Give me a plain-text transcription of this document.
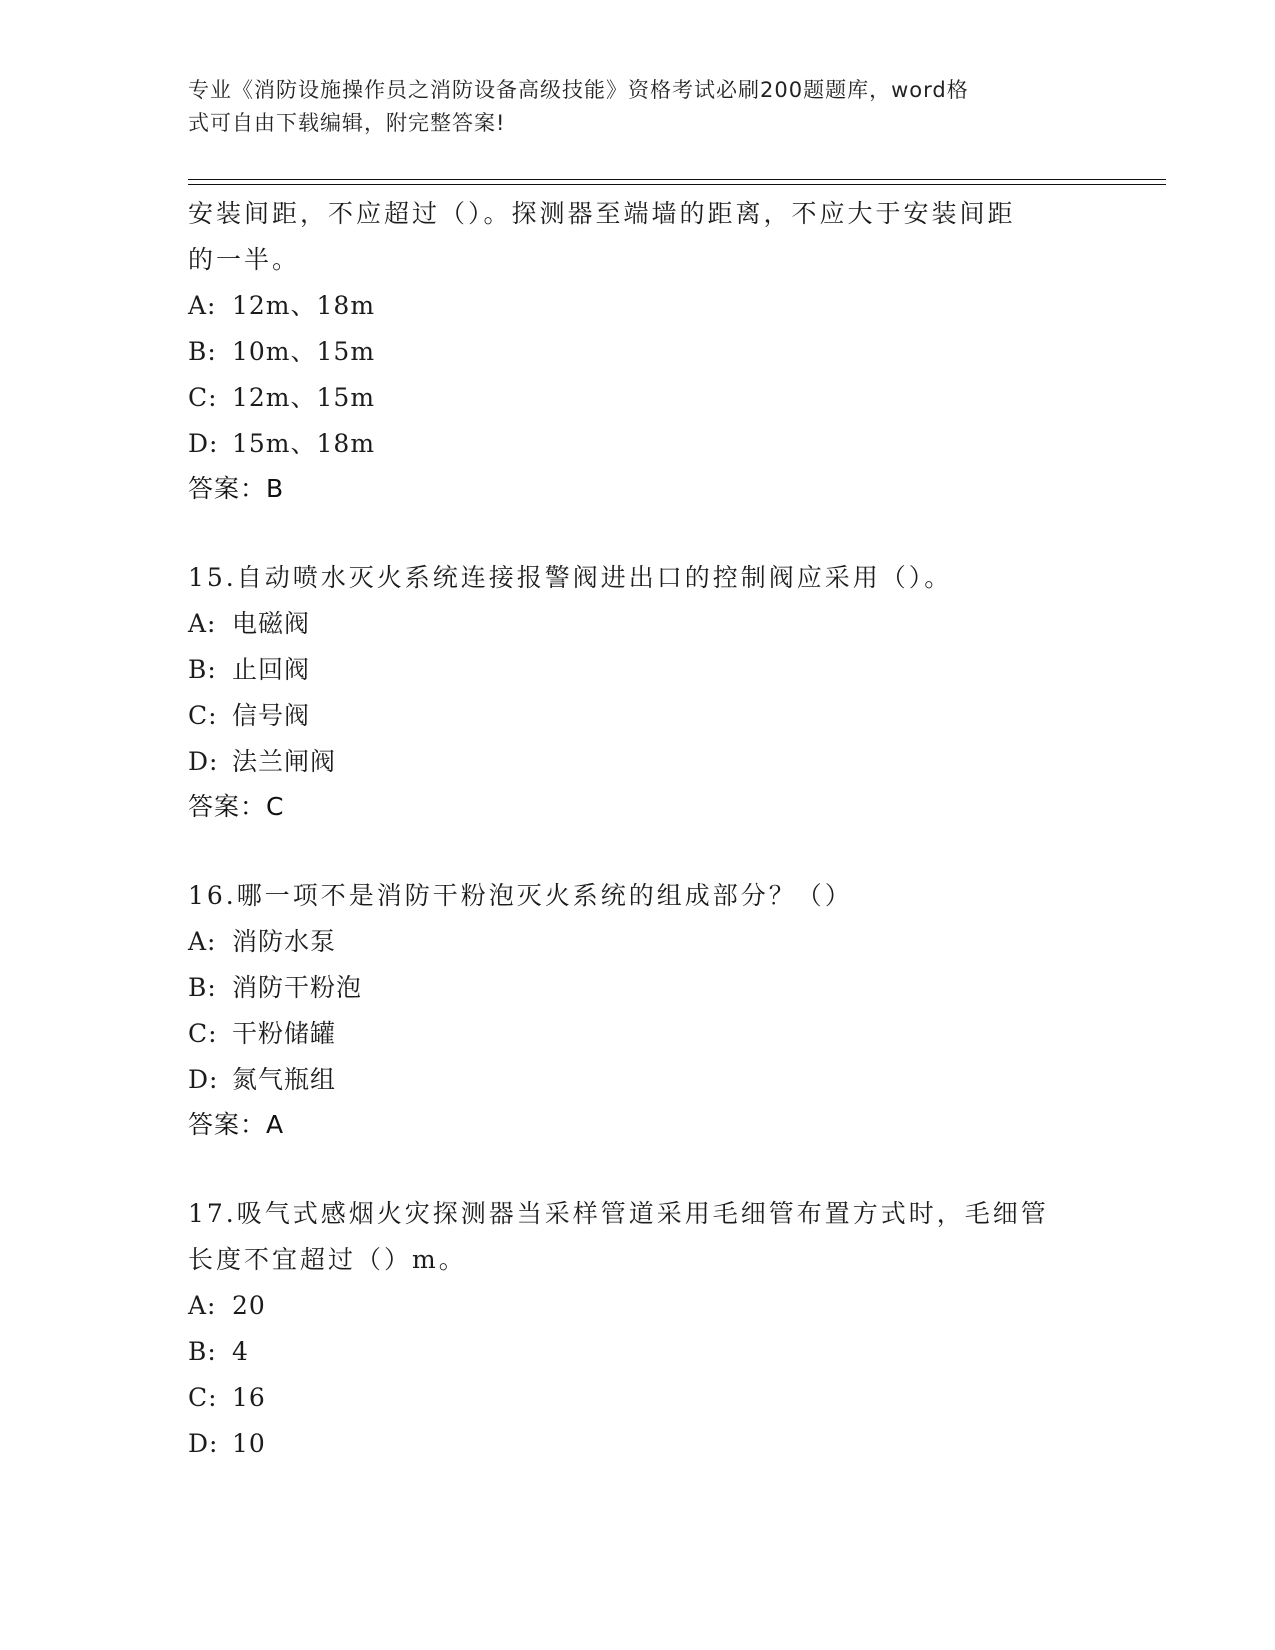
专业《消防设施操作员之消防设备高级技能》资格考试必刷200题题库，word格
式可自由下载编辑，附完整答案!
安装间距，不应超过（）。探测器至端墙的距离，不应大于安装间距
的一半。
A: 12m、18m
B: 10m、15m
C: 12m、15m
D: 15m、18m
答案：B
15.自动喷水灭火系统连接报警阀进出口的控制阀应采用（）。
A: 电磁阀
B: 止回阀
C: 信号阀
D: 法兰闸阀
答案：C
16.哪一项不是消防干粉泡灭火系统的组成部分？（）
A: 消防水泵
B: 消防干粉泡
C: 干粉储罐
D: 氮气瓶组
答案：A
17.吸气式感烟火灾探测器当采样管道采用毛细管布置方式时，毛细管
长度不宜超过（）m。
A: 20
B: 4
C: 16
D: 10
